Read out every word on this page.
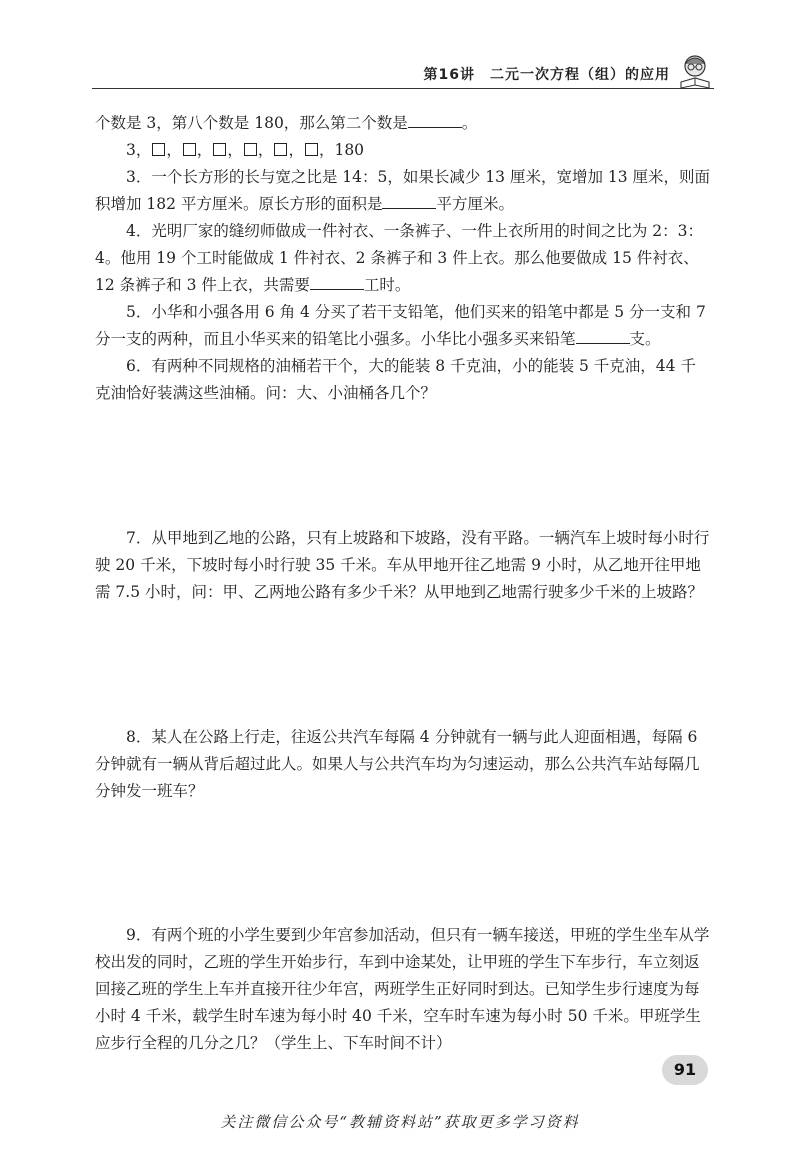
第16讲　二元一次方程（组）的应用

个数是 3，第八个数是 180，那么第二个数是	。

3， ， ， ， ， ， ，180

3．一个长方形的长与宽之比是 14：5，如果长减少 13 厘米，宽增加 13 厘米，则面积增加 182 平方厘米。原长方形的面积是	平方厘米。

4．光明厂家的缝纫师做成一件衬衣、一条裤子、一件上衣所用的时间之比为 2：3：4。他用 19 个工时能做成 1 件衬衣、2 条裤子和 3 件上衣。那么他要做成 15 件衬衣、12 条裤子和 3 件上衣，共需要	工时。

5．小华和小强各用 6 角 4 分买了若干支铅笔，他们买来的铅笔中都是 5 分一支和 7 分一支的两种，而且小华买来的铅笔比小强多。小华比小强多买来铅笔	支。

6．有两种不同规格的油桶若干个，大的能装 8 千克油，小的能装 5 千克油，44 千克油恰好装满这些油桶。问：大、小油桶各几个？

7．从甲地到乙地的公路，只有上坡路和下坡路，没有平路。一辆汽车上坡时每小时行驶 20 千米，下坡时每小时行驶 35 千米。车从甲地开往乙地需 9 小时，从乙地开往甲地需 7.5 小时，问：甲、乙两地公路有多少千米？从甲地到乙地需行驶多少千米的上坡路？

8．某人在公路上行走，往返公共汽车每隔 4 分钟就有一辆与此人迎面相遇，每隔 6 分钟就有一辆从背后超过此人。如果人与公共汽车均为匀速运动，那么公共汽车站每隔几分钟发一班车？

9．有两个班的小学生要到少年宫参加活动，但只有一辆车接送，甲班的学生坐车从学校出发的同时，乙班的学生开始步行，车到中途某处，让甲班的学生下车步行，车立刻返回接乙班的学生上车并直接开往少年宫，两班学生正好同时到达。已知学生步行速度为每小时 4 千米，载学生时车速为每小时 40 千米，空车时车速为每小时 50 千米。甲班学生应步行全程的几分之几？（学生上、下车时间不计）

91
关注微信公众号“教辅资料站”获取更多学习资料
